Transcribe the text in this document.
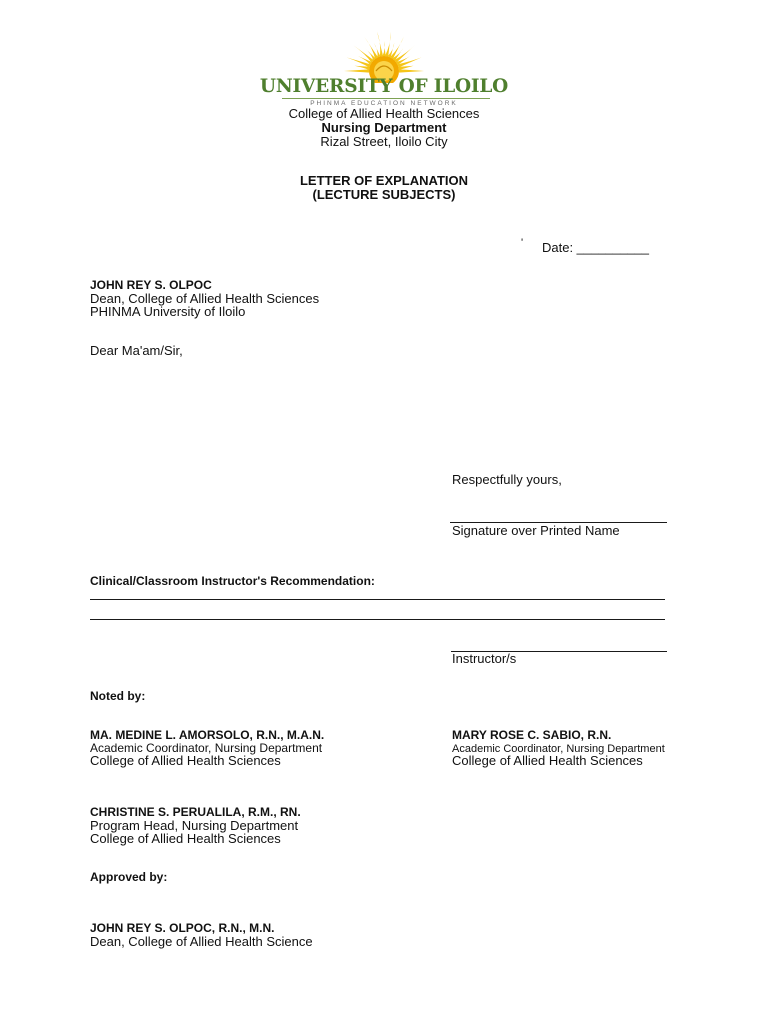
UNIVERSITY OF ILOILO
PHINMA EDUCATION NETWORK

College of Allied Health Sciences

Nursing Department

Rizal Street, Iloilo City

LETTER OF EXPLANATION

(LECTURE SUBJECTS)

' Date: __________

JOHN REY S. OLPOC

Dean, College of Allied Health Sciences

PHINMA University of Iloilo

Dear Ma'am/Sir,

Respectfully yours,

Signature over Printed Name

Clinical/Classroom Instructor's Recommendation:

Instructor/s

Noted by:

MA. MEDINE L. AMORSOLO, R.N., M.A.N.

Academic Coordinator, Nursing Department

College of Allied Health Sciences

MARY ROSE C. SABIO, R.N.

Academic Coordinator, Nursing Department

College of Allied Health Sciences

CHRISTINE S. PERUALILA, R.M., RN.

Program Head, Nursing Department

College of Allied Health Sciences

Approved by:

JOHN REY S. OLPOC, R.N., M.N.

Dean, College of Allied Health Science
